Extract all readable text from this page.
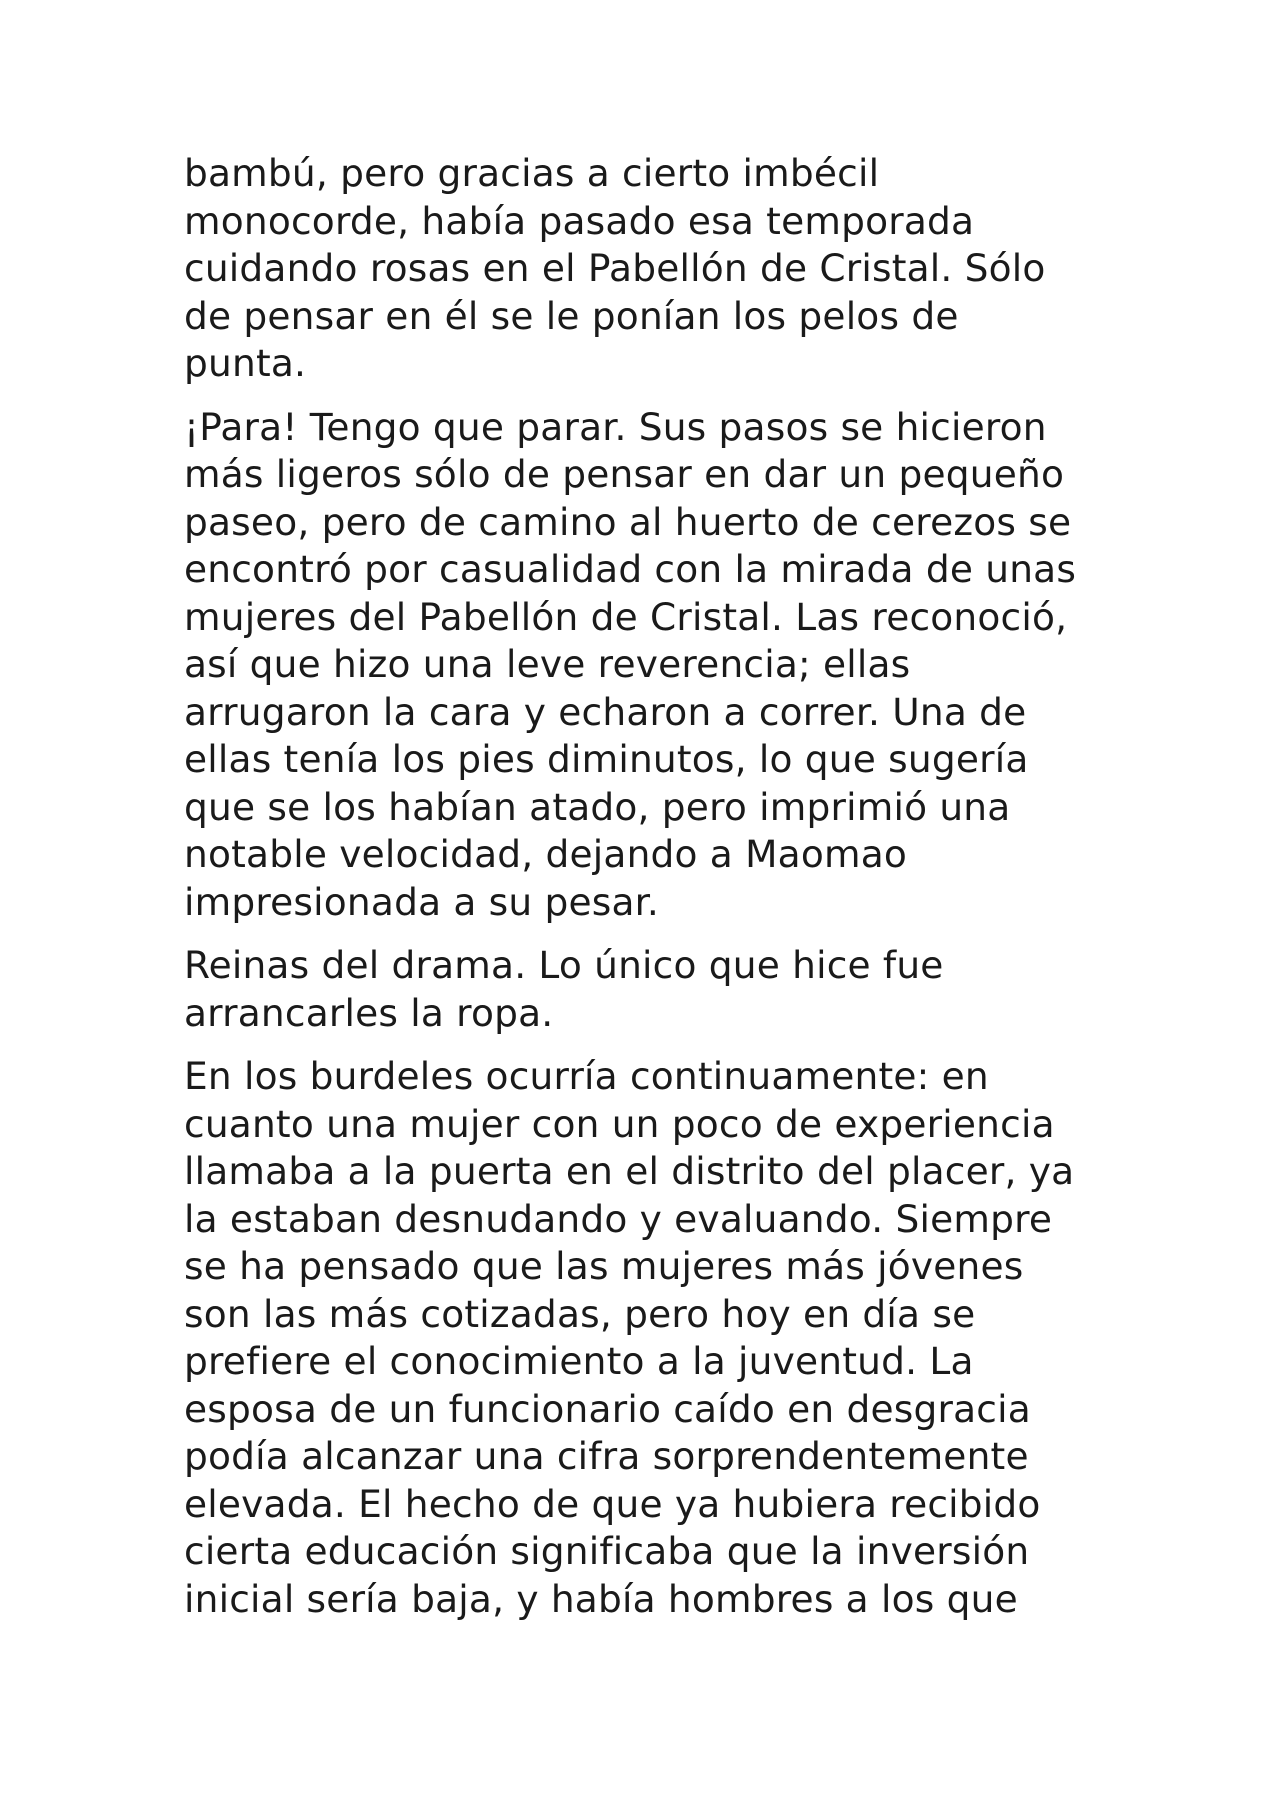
bambú, pero gracias a cierto imbécil
monocorde, había pasado esa temporada
cuidando rosas en el Pabellón de Cristal. Sólo
de pensar en él se le ponían los pelos de
punta.

¡Para! Tengo que parar. Sus pasos se hicieron
más ligeros sólo de pensar en dar un pequeño
paseo, pero de camino al huerto de cerezos se
encontró por casualidad con la mirada de unas
mujeres del Pabellón de Cristal. Las reconoció,
así que hizo una leve reverencia; ellas
arrugaron la cara y echaron a correr. Una de
ellas tenía los pies diminutos, lo que sugería
que se los habían atado, pero imprimió una
notable velocidad, dejando a Maomao
impresionada a su pesar.

Reinas del drama. Lo único que hice fue
arrancarles la ropa.

En los burdeles ocurría continuamente: en
cuanto una mujer con un poco de experiencia
llamaba a la puerta en el distrito del placer, ya
la estaban desnudando y evaluando. Siempre
se ha pensado que las mujeres más jóvenes
son las más cotizadas, pero hoy en día se
prefiere el conocimiento a la juventud. La
esposa de un funcionario caído en desgracia
podía alcanzar una cifra sorprendentemente
elevada. El hecho de que ya hubiera recibido
cierta educación significaba que la inversión
inicial sería baja, y había hombres a los que
